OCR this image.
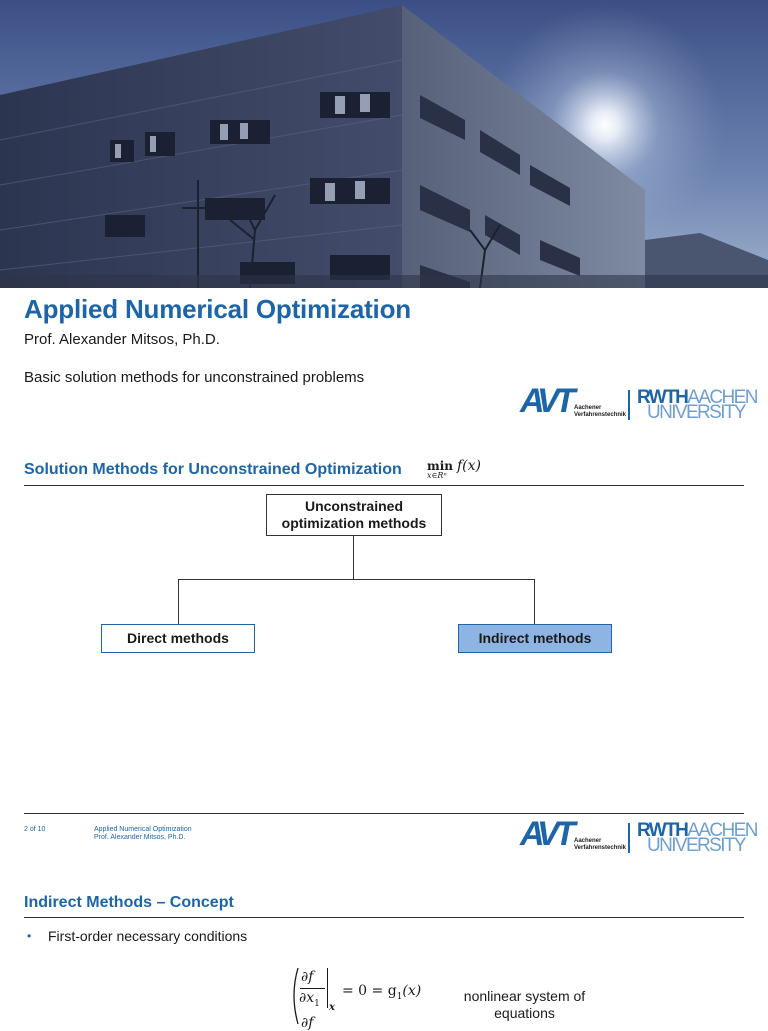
Applied Numerical Optimization
Prof. Alexander Mitsos, Ph.D.
Basic solution methods for unconstrained problems
AVT Aachener
Verfahrenstechnik
RWTHAACHEN
UNIVERSITY
Solution Methods for Unconstrained Optimization min
x∈Rⁿ
f(x)
Unconstrained optimization methods
Direct methods	Indirect methods
2 of 10	Applied Numerical Optimization
Prof. Alexander Mitsos, Ph.D.	AVT Aachener
Verfahrenstechnik
RWTHAACHEN
UNIVERSITY
Indirect Methods – Concept
• First-order necessary conditions
∂f
$\partial x_1$ x
= $0 = g_1(x)$
∂f
nonlinear system of equations
